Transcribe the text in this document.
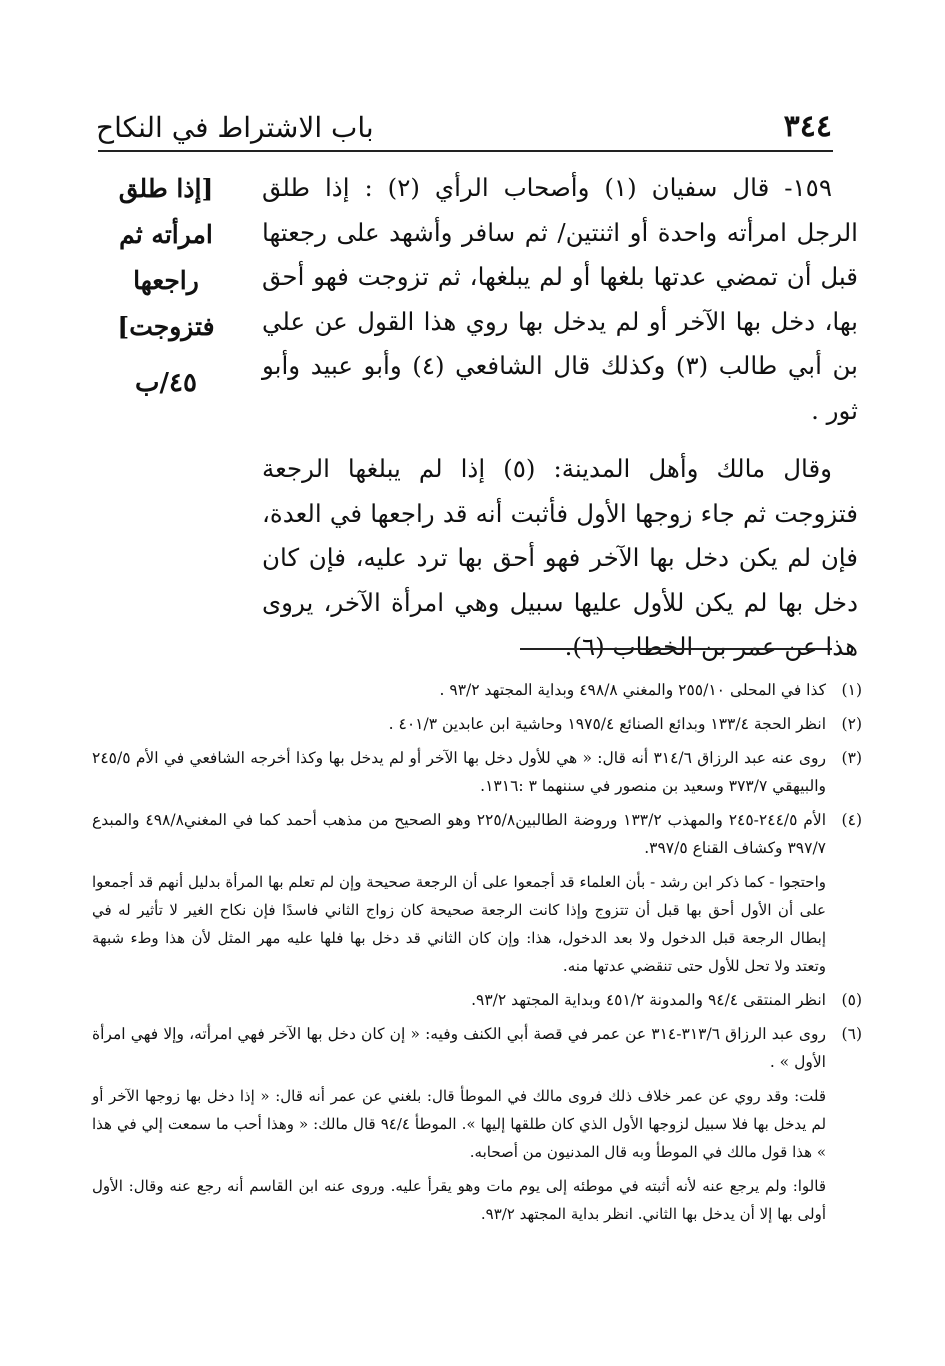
٣٤٤
باب الاشتراط في النكاح

[إذا طلق

امرأته ثم

راجعها

فتزوجت]

٤٥/ب

١٥٩- قال سفيان (١) وأصحاب الرأي (٢) : إذا طلق الرجل امرأته واحدة أو اثنتين/ ثم سافر وأشهد على رجعتها قبل أن تمضي عدتها بلغها أو لم يبلغها، ثم تزوجت فهو أحق بها، دخل بها الآخر أو لم يدخل بها روي هذا القول عن علي بن أبي طالب (٣) وكذلك قال الشافعي (٤) وأبو عبيد وأبو ثور .

وقال مالك وأهل المدينة: (٥) إذا لم يبلغها الرجعة فتزوجت ثم جاء زوجها الأول فأثبت أنه قد راجعها في العدة، فإن لم يكن دخل بها الآخر فهو أحق بها ترد عليه، فإن كان دخل بها لم يكن للأول عليها سبيل وهي امرأة الآخر، يروى هذا عن عمر بن الخطاب (٦).

(١)
كذا في المحلى ٢٥٥/١٠ والمغني ٤٩٨/٨ وبداية المجتهد ٩٣/٢ .
(٢)
انظر الحجة ١٣٣/٤ وبدائع الصنائع ١٩٧٥/٤ وحاشية ابن عابدين ٤٠١/٣ .
(٣)
روى عنه عبد الرزاق ٣١٤/٦ أنه قال: « هي للأول دخل بها الآخر أو لم يدخل بها وكذا أخرجه الشافعي في الأم ٢٤٥/٥ والبيهقي ٣٧٣/٧ وسعيد بن منصور في سننهما ٣ :١٣١٦.
(٤)
الأم ٢٤٤/٥-٢٤٥ والمهذب ١٣٣/٢ وروضة الطالبين٢٢٥/٨ وهو الصحيح من مذهب أحمد كما في المغني٤٩٨/٨ والمبدع ٣٩٧/٧ وكشاف القناع ٣٩٧/٥.

واحتجوا - كما ذكر ابن رشد - بأن العلماء قد أجمعوا على أن الرجعة صحيحة وإن لم تعلم بها المرأة بدليل أنهم قد أجمعوا على أن الأول أحق بها قبل أن تتزوج وإذا كانت الرجعة صحيحة كان زواج الثاني فاسدًا فإن نكاح الغير لا تأثير له في إبطال الرجعة قبل الدخول ولا بعد الدخول، هذا: وإن كان الثاني قد دخل بها فلها عليه مهر المثل لأن هذا وطء شبهة وتعتد ولا تحل للأول حتى تنقضي عدتها منه.

(٥)
انظر المنتقى ٩٤/٤ والمدونة ٤٥١/٢ وبداية المجتهد ٩٣/٢.
(٦)
روى عبد الرزاق ٣١٣/٦-٣١٤ عن عمر في قصة أبي الكنف وفيه: « إن كان دخل بها الآخر فهي امرأته، وإلا فهي امرأة الأول » .

قلت: وقد روي عن عمر خلاف ذلك فروى مالك في الموطأ قال: بلغني عن عمر أنه قال: « إذا دخل بها زوجها الآخر أو لم يدخل بها فلا سبيل لزوجها الأول الذي كان طلقها إليها ». الموطأ ٩٤/٤ قال مالك: « وهذا أحب ما سمعت إلي في هذا » هذا قول مالك في الموطأ وبه قال المدنيون من أصحابه.

قالوا: ولم يرجع عنه لأنه أثبته في موطئه إلى يوم مات وهو يقرأ عليه. وروى عنه ابن القاسم أنه رجع عنه وقال: الأول أولى بها إلا أن يدخل بها الثاني. انظر بداية المجتهد ٩٣/٢.
